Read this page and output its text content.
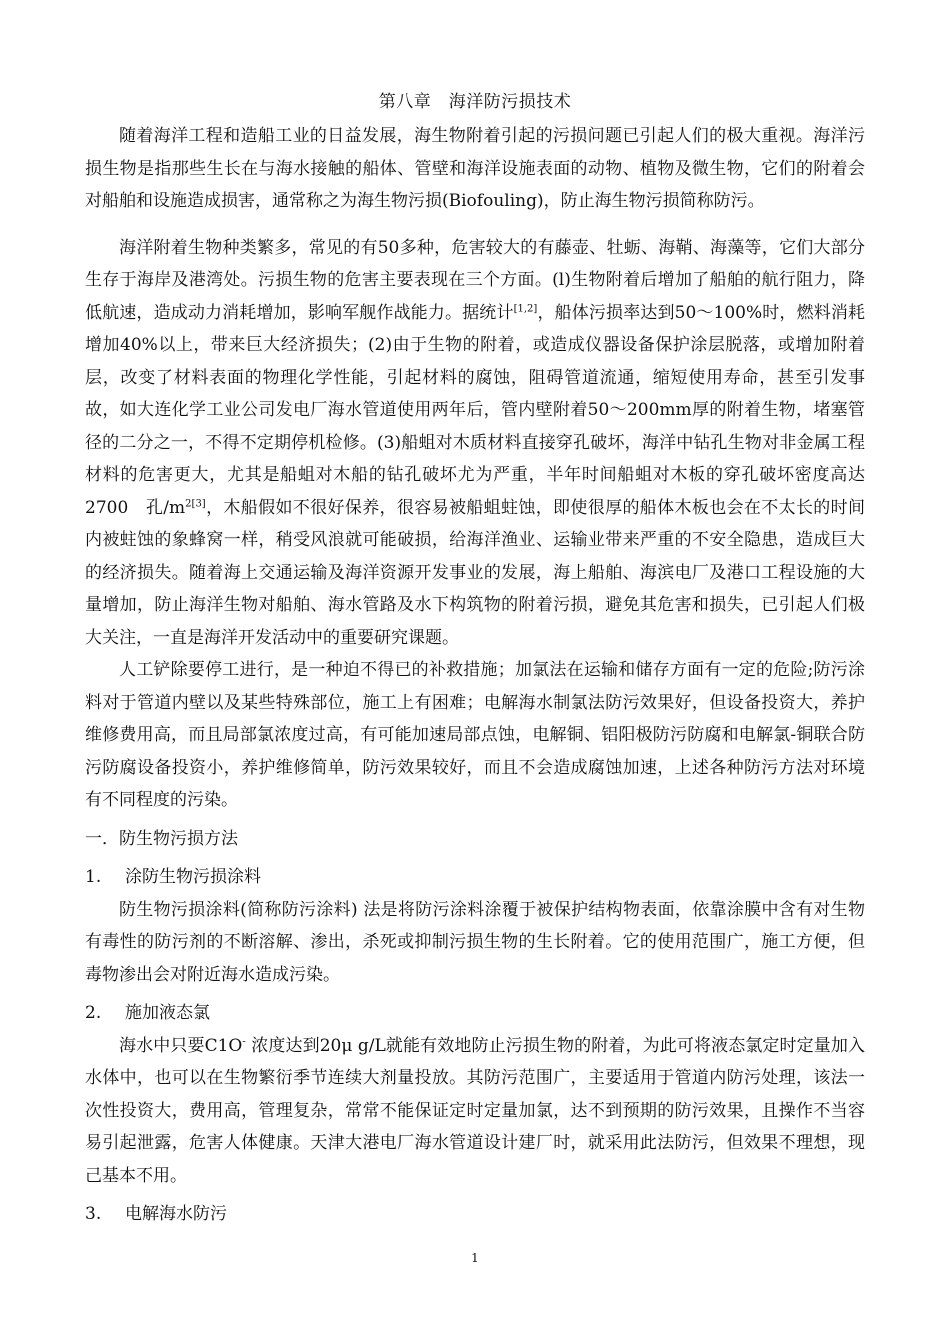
第八章　海洋防污损技术

随着海洋工程和造船工业的日益发展，海生物附着引起的污损问题已引起人们的极大重视。海洋污损生物是指那些生长在与海水接触的船体、管壁和海洋设施表面的动物、植物及微生物，它们的附着会对船舶和设施造成损害，通常称之为海生物污损(Biofouling)，防止海生物污损简称防污。

海洋附着生物种类繁多，常见的有50多种，危害较大的有藤壶、牡蛎、海鞘、海藻等，它们大部分生存于海岸及港湾处。污损生物的危害主要表现在三个方面。(l)生物附着后增加了船舶的航行阻力，降低航速，造成动力消耗增加，影响军舰作战能力。据统计[1,2]，船体污损率达到50～100%时，燃料消耗增加40%以上，带来巨大经济损失；(2)由于生物的附着，或造成仪器设备保护涂层脱落，或增加附着层，改变了材料表面的物理化学性能，引起材料的腐蚀，阻碍管道流通，缩短使用寿命，甚至引发事故，如大连化学工业公司发电厂海水管道使用两年后，管内壁附着50～200mm厚的附着生物，堵塞管径的二分之一，不得不定期停机检修。(3)船蛆对木质材料直接穿孔破坏，海洋中钻孔生物对非金属工程材料的危害更大，尤其是船蛆对木船的钻孔破坏尤为严重，半年时间船蛆对木板的穿孔破坏密度高达 2700　孔$/m^{2[3]}$，木船假如不很好保养，很容易被船蛆蛀蚀，即使很厚的船体木板也会在不太长的时间内被蛀蚀的象蜂窝一样，稍受风浪就可能破损，给海洋渔业、运输业带来严重的不安全隐患，造成巨大的经济损失。随着海上交通运输及海洋资源开发事业的发展，海上船舶、海滨电厂及港口工程设施的大量增加，防止海洋生物对船舶、海水管路及水下构筑物的附着污损，避免其危害和损失，已引起人们极大关注，一直是海洋开发活动中的重要研究课题。

人工铲除要停工进行，是一种迫不得已的补救措施；加氯法在运输和储存方面有一定的危险;防污涂料对于管道内壁以及某些特殊部位，施工上有困难；电解海水制氯法防污效果好，但设备投资大，养护维修费用高，而且局部氯浓度过高，有可能加速局部点蚀，电解铜、铝阳极防污防腐和电解氯-铜联合防污防腐设备投资小，养护维修简单，防污效果较好，而且不会造成腐蚀加速，上述各种防污方法对环境有不同程度的污染。

一．防生物污损方法

1. 涂防生物污损涂料

防生物污损涂料(简称防污涂料) 法是将防污涂料涂覆于被保护结构物表面，依靠涂膜中含有对生物有毒性的防污剂的不断溶解、渗出，杀死或抑制污损生物的生长附着。它的使用范围广，施工方便，但毒物渗出会对附近海水造成污染。

2. 施加液态氯

海水中只要C1O- 浓度达到20μ g/L就能有效地防止污损生物的附着，为此可将液态氯定时定量加入水体中，也可以在生物繁衍季节连续大剂量投放。其防污范围广，主要适用于管道内防污处理，该法一次性投资大，费用高，管理复杂，常常不能保证定时定量加氯，达不到预期的防污效果，且操作不当容易引起泄露，危害人体健康。天津大港电厂海水管道设计建厂时，就采用此法防污，但效果不理想，现己基本不用。

3. 电解海水防污

1
